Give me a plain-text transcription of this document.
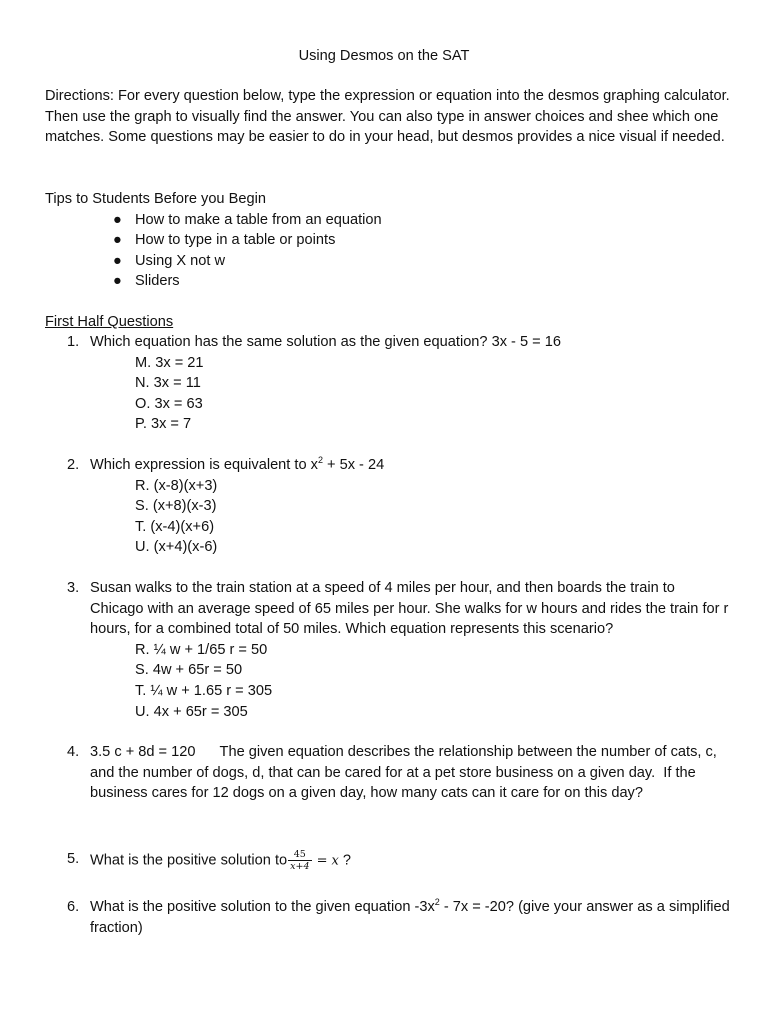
Using Desmos on the SAT
Directions: For every question below, type the expression or equation into the desmos graphing calculator. Then use the graph to visually find the answer. You can also type in answer choices and shee which one matches. Some questions may be easier to do in your head, but desmos provides a nice visual if needed.
Tips to Students Before you Begin
● How to make a table from an equation
● How to type in a table or points
● Using X not w
● Sliders
First Half Questions
1. Which equation has the same solution as the given equation? 3x - 5 = 16
M. 3x = 21
N. 3x = 11
O. 3x = 63
P. 3x = 7
2. Which expression is equivalent to $x^2 + 5x - 24$
R. (x-8)(x+3)
S. (x+8)(x-3)
T. (x-4)(x+6)
U. (x+4)(x-6)
3. Susan walks to the train station at a speed of 4 miles per hour, and then boards the train to Chicago with an average speed of 65 miles per hour. She walks for w hours and rides the train for r hours, for a combined total of 50 miles. Which equation represents this scenario?
R. ¼ w + 1/65 r = 50
S. 4w + 65r = 50
T. ¼ w + 1.65 r = 305
U. 4x + 65r = 305
4. 3.5 c + 8d = 120      The given equation describes the relationship between the number of cats, c, and the number of dogs, d, that can be cared for at a pet store business on a given day.  If the business cares for 12 dogs on a given day, how many cats can it care for on this day?
5. What is the positive solution to $\frac{45}{x+4} = x$ ?
6. What is the positive solution to the given equation $-3x^2 - 7x = -20$? (give your answer as a simplified fraction)
